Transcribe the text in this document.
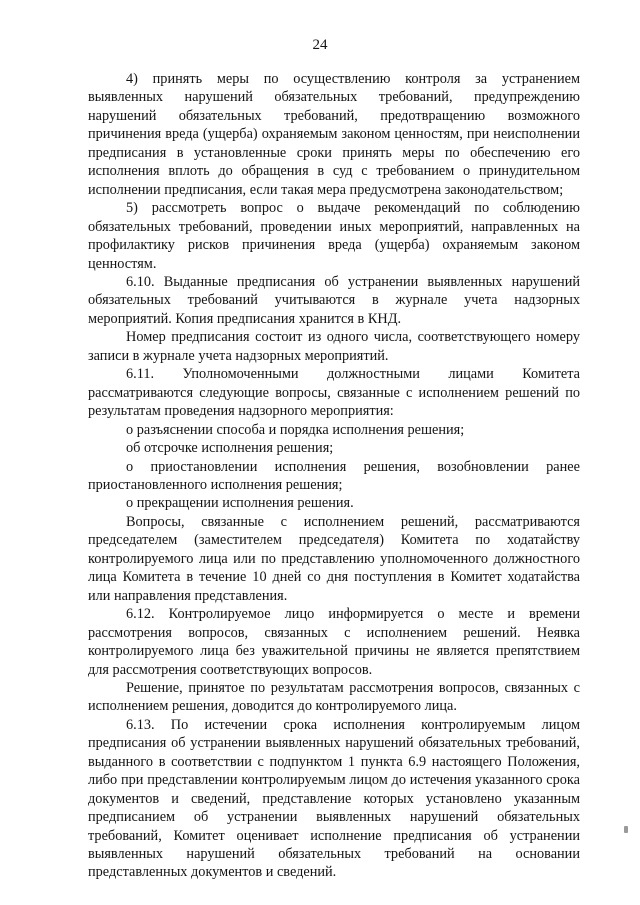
24

4) принять меры по осуществлению контроля за устранением выявленных нарушений обязательных требований, предупреждению нарушений обязательных требований, предотвращению возможного причинения вреда (ущерба) охраняемым законом ценностям, при неисполнении предписания в установленные сроки принять меры по обеспечению его исполнения вплоть до обращения в суд с требованием о принудительном исполнении предписания, если такая мера предусмотрена законодательством;

5) рассмотреть вопрос о выдаче рекомендаций по соблюдению обязательных требований, проведении иных мероприятий, направленных на профилактику рисков причинения вреда (ущерба) охраняемым законом ценностям.

6.10. Выданные предписания об устранении выявленных нарушений обязательных требований учитываются в журнале учета надзорных мероприятий. Копия предписания хранится в КНД.

Номер предписания состоит из одного числа, соответствующего номеру записи в журнале учета надзорных мероприятий.

6.11. Уполномоченными должностными лицами Комитета рассматриваются следующие вопросы, связанные с исполнением решений по результатам проведения надзорного мероприятия:

о разъяснении способа и порядка исполнения решения;

об отсрочке исполнения решения;

о приостановлении исполнения решения, возобновлении ранее приостановленного исполнения решения;

о прекращении исполнения решения.

Вопросы, связанные с исполнением решений, рассматриваются председателем (заместителем председателя) Комитета по ходатайству контролируемого лица или по представлению уполномоченного должностного лица Комитета в течение 10 дней со дня поступления в Комитет ходатайства или направления представления.

6.12. Контролируемое лицо информируется о месте и времени рассмотрения вопросов, связанных с исполнением решений. Неявка контролируемого лица без уважительной причины не является препятствием для рассмотрения соответствующих вопросов.

Решение, принятое по результатам рассмотрения вопросов, связанных с исполнением решения, доводится до контролируемого лица.

6.13. По истечении срока исполнения контролируемым лицом предписания об устранении выявленных нарушений обязательных требований, выданного в соответствии с подпунктом 1 пункта 6.9 настоящего Положения, либо при представлении контролируемым лицом до истечения указанного срока документов и сведений, представление которых установлено указанным предписанием об устранении выявленных нарушений обязательных требований, Комитет оценивает исполнение предписания об устранении выявленных нарушений обязательных требований на основании представленных документов и сведений.
